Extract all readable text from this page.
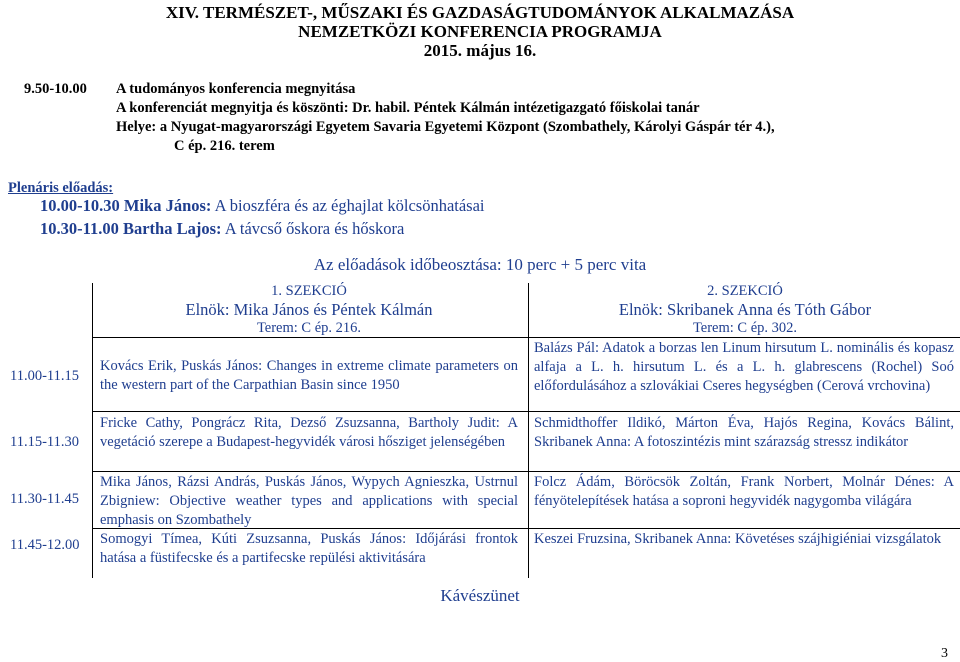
XIV. TERMÉSZET-, MŰSZAKI ÉS GAZDASÁGTUDOMÁNYOK ALKALMAZÁSA
NEMZETKÖZI KONFERENCIA PROGRAMJA
2015. május 16.
9.50-10.00	A tudományos konferencia megnyitása
A konferenciát megnyitja és köszönti: Dr. habil. Péntek Kálmán intézetigazgató főiskolai tanár
Helye: a Nyugat-magyarországi Egyetem Savaria Egyetemi Központ (Szombathely, Károlyi Gáspár tér 4.),
C ép. 216. terem
Plenáris előadás:
10.00-10.30 Mika János: A bioszféra és az éghajlat kölcsönhatásai
10.30-11.00 Bartha Lajos: A távcső őskora és hőskora
Az előadások időbeosztása: 10 perc + 5 perc vita
1. SZEKCIÓ
Elnök: Mika János és Péntek Kálmán
Terem: C ép. 216.
2. SZEKCIÓ
Elnök: Skribanek Anna és Tóth Gábor
Terem: C ép. 302.
11.00-11.15
11.15-11.30
11.30-11.45
11.45-12.00
Kovács Erik, Puskás János: Changes in extreme climate parameters on the western part of the Carpathian Basin since 1950
Fricke Cathy, Pongrácz Rita, Dezső Zsuzsanna, Bartholy Judit: A vegetáció szerepe a Budapest-hegyvidék városi hősziget jelenségében
Mika János, Rázsi András, Puskás János, Wypych Agnieszka, Ustrnul Zbigniew: Objective weather types and applications with special emphasis on Szombathely
Somogyi Tímea, Kúti Zsuzsanna, Puskás János: Időjárási frontok hatása a füstifecske és a partifecske repülési aktivitására
Balázs Pál: Adatok a borzas len Linum hirsutum L. nominális és kopasz alfaja a L. h. hirsutum L. és a L. h. glabrescens (Rochel) Soó előfordulásához a szlovákiai Cseres hegységben (Cerová vrchovina)
Schmidthoffer Ildikó, Márton Éva, Hajós Regina, Kovács Bálint, Skribanek Anna: A fotoszintézis mint szárazság stressz indikátor
Folcz Ádám, Böröcsök Zoltán, Frank Norbert, Molnár Dénes: A fényötelepítések hatása a soproni hegyvidék nagygomba világára
Keszei Fruzsina, Skribanek Anna: Követéses szájhigiéniai vizsgálatok
Kávészünet
3
